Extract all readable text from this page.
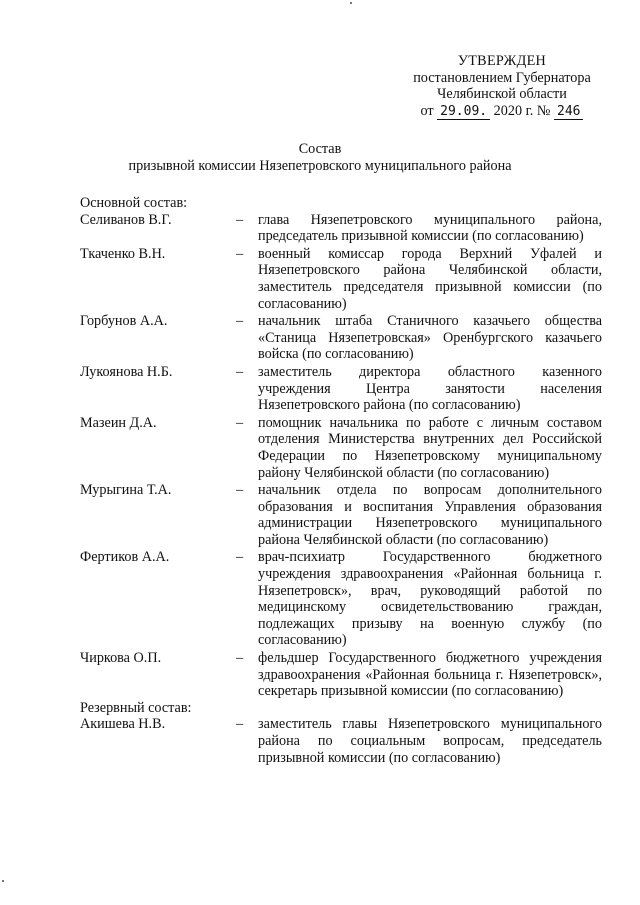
УТВЕРЖДЕН
постановлением Губернатора
Челябинской области
от 29.09. 2020 г. № 246
Состав
призывной комиссии Нязепетровского муниципального района
Основной состав:
Селиванов В.Г.	–	глава Нязепетровского муниципального района, председатель призывной комиссии (по согласованию)
Ткаченко В.Н.	–	военный комиссар города Верхний Уфалей и Нязепетровского района Челябинской области, заместитель председателя призывной комиссии (по согласованию)
Горбунов А.А.	–	начальник штаба Станичного казачьего общества «Станица Нязепетровская» Оренбургского казачьего войска (по согласованию)
Лукоянова Н.Б.	–	заместитель директора областного казенного учреждения Центра занятости населения Нязепетровского района (по согласованию)
Мазеин Д.А.	–	помощник начальника по работе с личным составом отделения Министерства внутренних дел Российской Федерации по Нязепетровскому муниципальному району Челябинской области (по согласованию)
Мурыгина Т.А.	–	начальник отдела по вопросам дополнительного образования и воспитания Управления образования администрации Нязепетровского муниципального района Челябинской области (по согласованию)
Фертиков А.А.	–	врач-психиатр Государственного бюджетного учреждения здравоохранения «Районная больница г. Нязепетровск», врач, руководящий работой по медицинскому освидетельствованию граждан, подлежащих призыву на военную службу (по согласованию)
Чиркова О.П.	–	фельдшер Государственного бюджетного учреждения здравоохранения «Районная больница г. Нязепетровск», секретарь призывной комиссии (по согласованию)
Резервный состав:
Акишева Н.В.	–	заместитель главы Нязепетровского муниципального района по социальным вопросам, председатель призывной комиссии (по согласованию)
